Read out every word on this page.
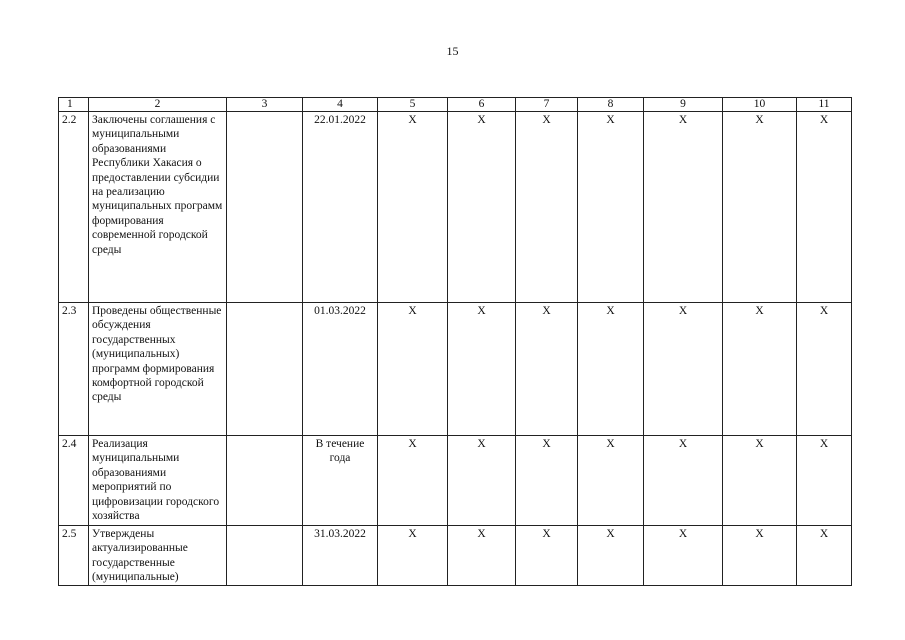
15
1	2	3	4	5	6	7	8	9	10	11
2.2	Заключены соглашения с муниципальными образованиями Республики Хакасия о предоставлении субсидии на реализацию муниципальных программ формирования современной городской среды		22.01.2022	Х	Х	Х	Х	Х	Х	Х
2.3	Проведены общественные обсуждения государственных (муниципальных) программ формирования комфортной городской среды		01.03.2022	Х	Х	Х	Х	Х	Х	Х
2.4	Реализация муниципальными образованиями мероприятий по цифровизации городского хозяйства		В течение года	Х	Х	Х	Х	Х	Х	Х
2.5	Утверждены актуализированные государственные (муниципальные)		31.03.2022	Х	Х	Х	Х	Х	Х	Х
